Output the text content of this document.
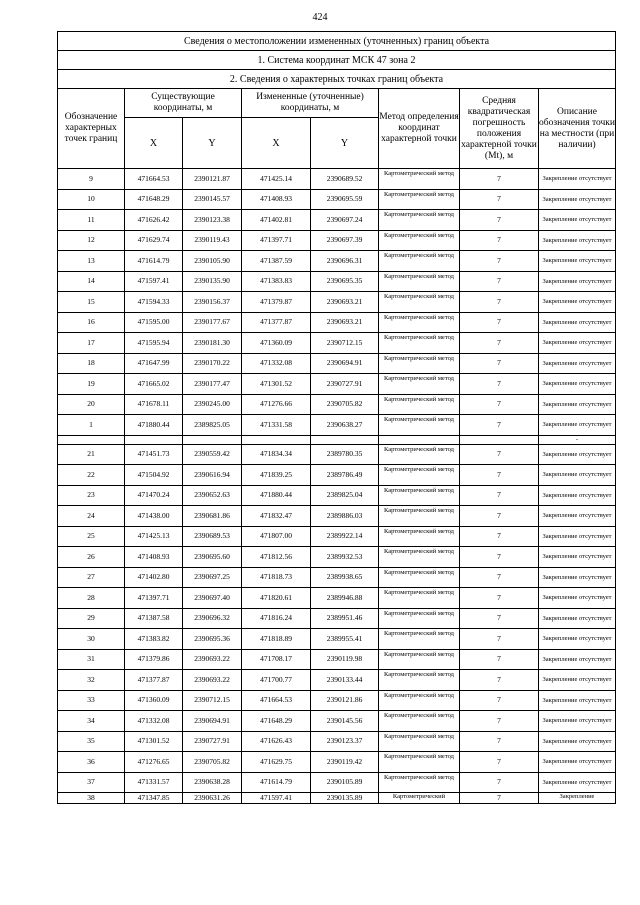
424
Сведения о местоположении измененных (уточненных) границ объекта							
1. Система координат МСК 47 зона 2							
2. Сведения о характерных точках границ объекта							
Обозначение характерных точек границ	Существующие координаты, м		Измененные (уточненные) координаты, м		Метод определения координат характерной точки	Средняя квадратическая погрешность положения характерной точки (Mt), м	Описание обозначения точки на местности (при наличии)
	X	Y	X	Y			
9	471664.53	2390121.87	471425.14	2390689.52	Картометрический метод	7	Закрепление отсутствует
10	471648.29	2390145.57	471408.93	2390695.59	Картометрический метод	7	Закрепление отсутствует
11	471626.42	2390123.38	471402.81	2390697.24	Картометрический метод	7	Закрепление отсутствует
12	471629.74	2390119.43	471397.71	2390697.39	Картометрический метод	7	Закрепление отсутствует
13	471614.79	2390105.90	471387.59	2390696.31	Картометрический метод	7	Закрепление отсутствует
14	471597.41	2390135.90	471383.83	2390695.35	Картометрический метод	7	Закрепление отсутствует
15	471594.33	2390156.37	471379.87	2390693.21	Картометрический метод	7	Закрепление отсутствует
16	471595.00	2390177.67	471377.87	2390693.21	Картометрический метод	7	Закрепление отсутствует
17	471595.94	2390181.30	471360.09	2390712.15	Картометрический метод	7	Закрепление отсутствует
18	471647.99	2390170.22	471332.08	2390694.91	Картометрический метод	7	Закрепление отсутствует
19	471665.02	2390177.47	471301.52	2390727.91	Картометрический метод	7	Закрепление отсутствует
20	471678.11	2390245.00	471276.66	2390705.82	Картометрический метод	7	Закрепление отсутствует
1	471880.44	2389825.05	471331.58	2390638.27	Картометрический метод	7	Закрепление отсутствует
							-
21	471451.73	2390559.42	471834.34	2389780.35	Картометрический метод	7	Закрепление отсутствует
22	471504.92	2390616.94	471839.25	2389786.49	Картометрический метод	7	Закрепление отсутствует
23	471470.24	2390652.63	471880.44	2389825.04	Картометрический метод	7	Закрепление отсутствует
24	471438.00	2390681.86	471832.47	2389886.03	Картометрический метод	7	Закрепление отсутствует
25	471425.13	2390689.53	471807.00	2389922.14	Картометрический метод	7	Закрепление отсутствует
26	471408.93	2390695.60	471812.56	2389932.53	Картометрический метод	7	Закрепление отсутствует
27	471402.80	2390697.25	471818.73	2389938.65	Картометрический метод	7	Закрепление отсутствует
28	471397.71	2390697.40	471820.61	2389946.88	Картометрический метод	7	Закрепление отсутствует
29	471387.58	2390696.32	471816.24	2389951.46	Картометрический метод	7	Закрепление отсутствует
30	471383.82	2390695.36	471818.89	2389955.41	Картометрический метод	7	Закрепление отсутствует
31	471379.86	2390693.22	471708.17	2390119.98	Картометрический метод	7	Закрепление отсутствует
32	471377.87	2390693.22	471700.77	2390133.44	Картометрический метод	7	Закрепление отсутствует
33	471360.09	2390712.15	471664.53	2390121.86	Картометрический метод	7	Закрепление отсутствует
34	471332.08	2390694.91	471648.29	2390145.56	Картометрический метод	7	Закрепление отсутствует
35	471301.52	2390727.91	471626.43	2390123.37	Картометрический метод	7	Закрепление отсутствует
36	471276.65	2390705.82	471629.75	2390119.42	Картометрический метод	7	Закрепление отсутствует
37	471331.57	2390638.28	471614.79	2390105.89	Картометрический метод	7	Закрепление отсутствует
38	471347.85	2390631.26	471597.41	2390135.89	Картометрический	7	Закрепление
